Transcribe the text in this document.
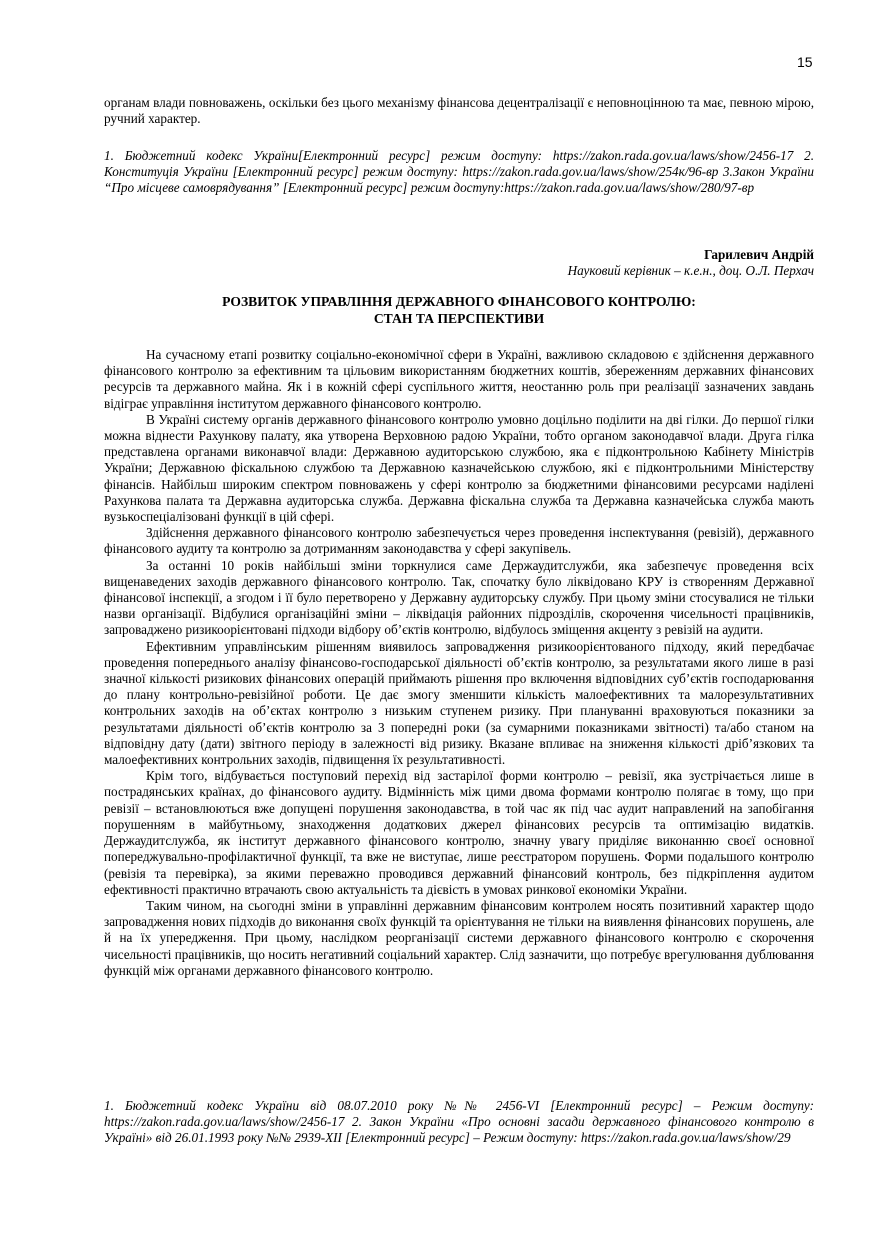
15

органам влади повноважень, оскільки без цього механізму фінансова децентралізації є неповноцінною та має, певною мірою, ручний характер.

1. Бюджетний кодекс України[Електронний ресурс] режим доступу: https://zakon.rada.gov.ua/laws/show/2456-17 2. Конституція України [Електронний ресурс] режим доступу: https://zakon.rada.gov.ua/laws/show/254к/96-вр 3.Закон України “Про місцеве самоврядування” [Електронний ресурс] режим доступу:https://zakon.rada.gov.ua/laws/show/280/97-вр

Гарилевич Андрій
Науковий керівник – к.е.н., доц. О.Л. Перхач
РОЗВИТОК УПРАВЛІННЯ ДЕРЖАВНОГО ФІНАНСОВОГО КОНТРОЛЮ:
СТАН ТА ПЕРСПЕКТИВИ

На сучасному етапі розвитку соціально-економічної сфери в Україні, важливою складовою є здійснення державного фінансового контролю за ефективним та цільовим використанням бюджетних коштів, збереженням державних фінансових ресурсів та державного майна. Як і в кожній сфері суспільного життя, неостанню роль при реалізації зазначених завдань відіграє управління інститутом державного фінансового контролю.

В Україні систему органів державного фінансового контролю умовно доцільно поділити на дві гілки. До першої гілки можна віднести Рахункову палату, яка утворена Верховною радою України, тобто органом законодавчої влади. Друга гілка представлена органами виконавчої влади: Державною аудиторською службою, яка є підконтрольною Кабінету Міністрів України; Державною фіскальною службою та Державною казначейською службою, які є підконтрольними Міністерству фінансів. Найбільш широким спектром повноважень у сфері контролю за бюджетними фінансовими ресурсами наділені Рахункова палата та Державна аудиторська служба. Державна фіскальна служба та Державна казначейська служба мають вузькоспеціалізовані функції в цій сфері.

Здійснення державного фінансового контролю забезпечується через проведення інспектування (ревізій), державного фінансового аудиту та контролю за дотриманням законодавства у сфері закупівель.

За останні 10 років найбільші зміни торкнулися саме Держаудитслужби, яка забезпечує проведення всіх вищенаведених заходів державного фінансового контролю. Так, спочатку було ліквідовано КРУ із створенням Державної фінансової інспекції, а згодом і її було перетворено у Державну аудиторську службу. При цьому зміни стосувалися не тільки назви організації. Відбулися організаційні зміни – ліквідація районних підрозділів, скорочення чисельності працівників, запроваджено ризикоорієнтовані підходи відбору об’єктів контролю, відбулось зміщення акценту з ревізій на аудити.

Ефективним управлінським рішенням виявилось запровадження ризикоорієнтованого підходу, який передбачає проведення попереднього аналізу фінансово-господарської діяльності об’єктів контролю, за результатами якого лише в разі значної кількості ризикових фінансових операцій приймають рішення про включення відповідних суб’єктів господарювання до плану контрольно-ревізійної роботи. Це дає змогу зменшити кількість малоефективних та малорезультативних контрольних заходів на об’єктах контролю з низьким ступенем ризику. При плануванні враховуються показники за результатами діяльності об’єктів контролю за 3 попередні роки (за сумарними показниками звітності) та/або станом на відповідну дату (дати) звітного періоду в залежності від ризику. Вказане впливає на зниження кількості дріб’язкових та малоефективних контрольних заходів, підвищення їх результативності.

Крім того, відбувається поступовий перехід від застарілої форми контролю – ревізії, яка зустрічається лише в пострадянських країнах, до фінансового аудиту. Відмінність між цими двома формами контролю полягає в тому, що при ревізії – встановлюються вже допущені порушення законодавства, в той час як під час аудит направлений на запобігання порушенням в майбутньому, знаходження додаткових джерел фінансових ресурсів та оптимізацію видатків. Держаудитслужба, як інститут державного фінансового контролю, значну увагу приділяє виконанню своєї основної попереджувально-профілактичної функції, та вже не виступає, лише реєстратором порушень. Форми подальшого контролю (ревізія та перевірка), за якими переважно проводився державний фінансовий контроль, без підкріплення аудитом ефективності практично втрачають свою актуальність та дієвість в умовах ринкової економіки України.

Таким чином, на сьогодні зміни в управлінні державним фінансовим контролем носять позитивний характер щодо запровадження нових підходів до виконання своїх функцій та орієнтування не тільки на виявлення фінансових порушень, але й на їх упередження. При цьому, наслідком реорганізації системи державного фінансового контролю є скорочення чисельності працівників, що носить негативний соціальний характер. Слід зазначити, що потребує врегулювання дублювання функцій між органами державного фінансового контролю.

1. Бюджетний кодекс України від 08.07.2010 року №№ 2456-VI [Електронний ресурс] – Режим доступу: https://zakon.rada.gov.ua/laws/show/2456-17 2. Закон України «Про основні засади державного фінансового контролю в Україні» від 26.01.1993 року №№ 2939-XII [Електронний ресурс] – Режим доступу: https://zakon.rada.gov.ua/laws/show/29
